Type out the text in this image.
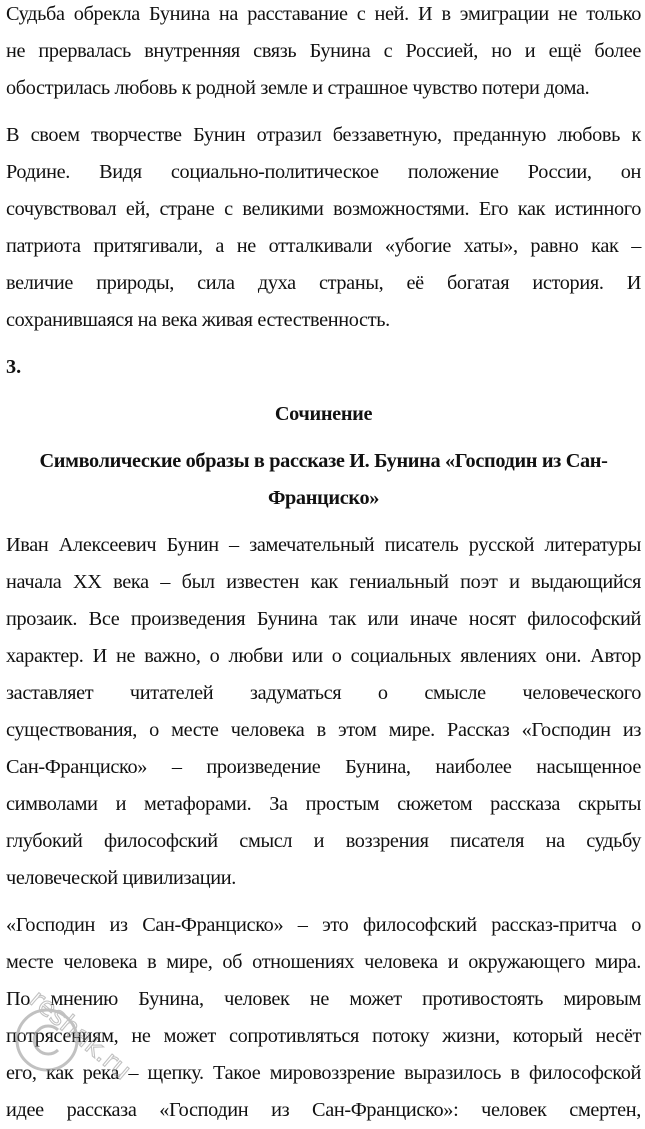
Судьба обрекла Бунина на расставание с ней. И в эмиграции не только
не прервалась внутренняя связь Бунина с Россией, но и ещё более
обострилась любовь к родной земле и страшное чувство потери дома.
В своем творчестве Бунин отразил беззаветную, преданную любовь к
Родине. Видя социально-политическое положение России, он
сочувствовал ей, стране с великими возможностями. Его как истинного
патриота притягивали, а не отталкивали «убогие хаты», равно как –
величие природы, сила духа страны, её богатая история. И
сохранившаяся на века живая естественность.
3.
Сочинение
Символические образы в рассказе И. Бунина «Господин из Сан-
Франциско»
Иван Алексеевич Бунин – замечательный писатель русской литературы
начала XX века – был известен как гениальный поэт и выдающийся
прозаик. Все произведения Бунина так или иначе носят философский
характер. И не важно, о любви или о социальных явлениях они. Автор
заставляет читателей задуматься о смысле человеческого
существования, о месте человека в этом мире. Рассказ «Господин из
Сан-Франциско» – произведение Бунина, наиболее насыщенное
символами и метафорами. За простым сюжетом рассказа скрыты
глубокий философский смысл и воззрения писателя на судьбу
человеческой цивилизации.
«Господин из Сан-Франциско» – это философский рассказ-притча о
месте человека в мире, об отношениях человека и окружающего мира.
По мнению Бунина, человек не может противостоять мировым
потрясениям, не может сопротивляться потоку жизни, который несёт
его, как река – щепку. Такое мировоззрение выразилось в философской
идее рассказа «Господин из Сан-Франциско»: человек смертен,
reshak.ru
